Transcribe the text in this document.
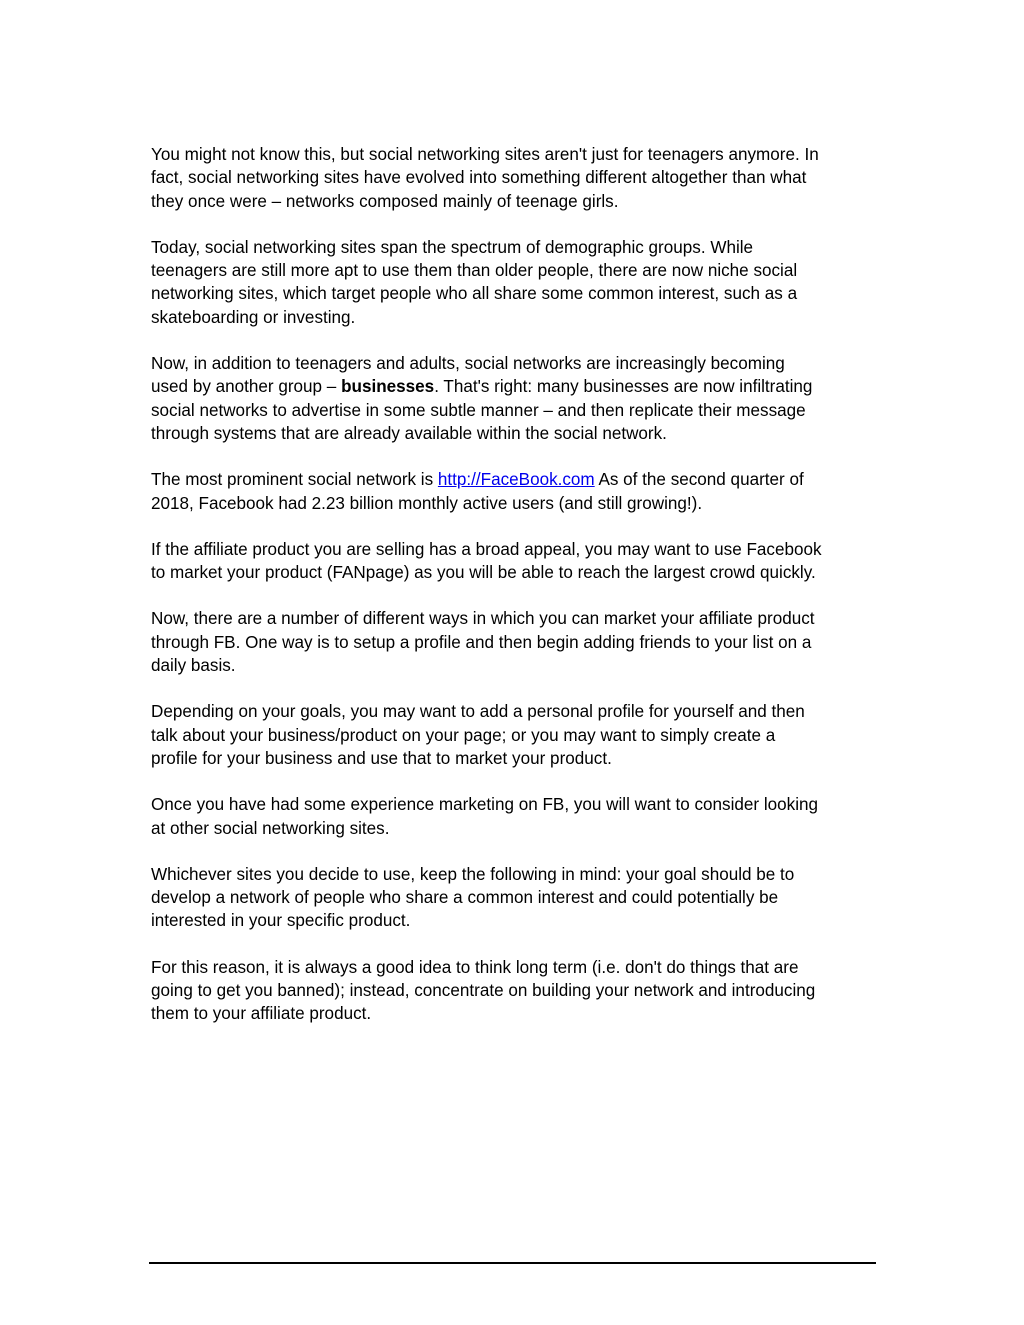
You might not know this, but social networking sites aren't just for teenagers anymore. In
fact, social networking sites have evolved into something different altogether than what
they once were – networks composed mainly of teenage girls.

Today, social networking sites span the spectrum of demographic groups. While
teenagers are still more apt to use them than older people, there are now niche social
networking sites, which target people who all share some common interest, such as a
skateboarding or investing.

Now, in addition to teenagers and adults, social networks are increasingly becoming
used by another group – businesses. That's right: many businesses are now infiltrating
social networks to advertise in some subtle manner – and then replicate their message
through systems that are already available within the social network.

The most prominent social network is http://FaceBook.com As of the second quarter of
2018, Facebook had 2.23 billion monthly active users (and still growing!).

If the affiliate product you are selling has a broad appeal, you may want to use Facebook
to market your product (FANpage) as you will be able to reach the largest crowd quickly.

Now, there are a number of different ways in which you can market your affiliate product
through FB. One way is to setup a profile and then begin adding friends to your list on a
daily basis.

Depending on your goals, you may want to add a personal profile for yourself and then
talk about your business/product on your page; or you may want to simply create a
profile for your business and use that to market your product.

Once you have had some experience marketing on FB, you will want to consider looking
at other social networking sites.

Whichever sites you decide to use, keep the following in mind: your goal should be to
develop a network of people who share a common interest and could potentially be
interested in your specific product.

For this reason, it is always a good idea to think long term (i.e. don't do things that are
going to get you banned); instead, concentrate on building your network and introducing
them to your affiliate product.
